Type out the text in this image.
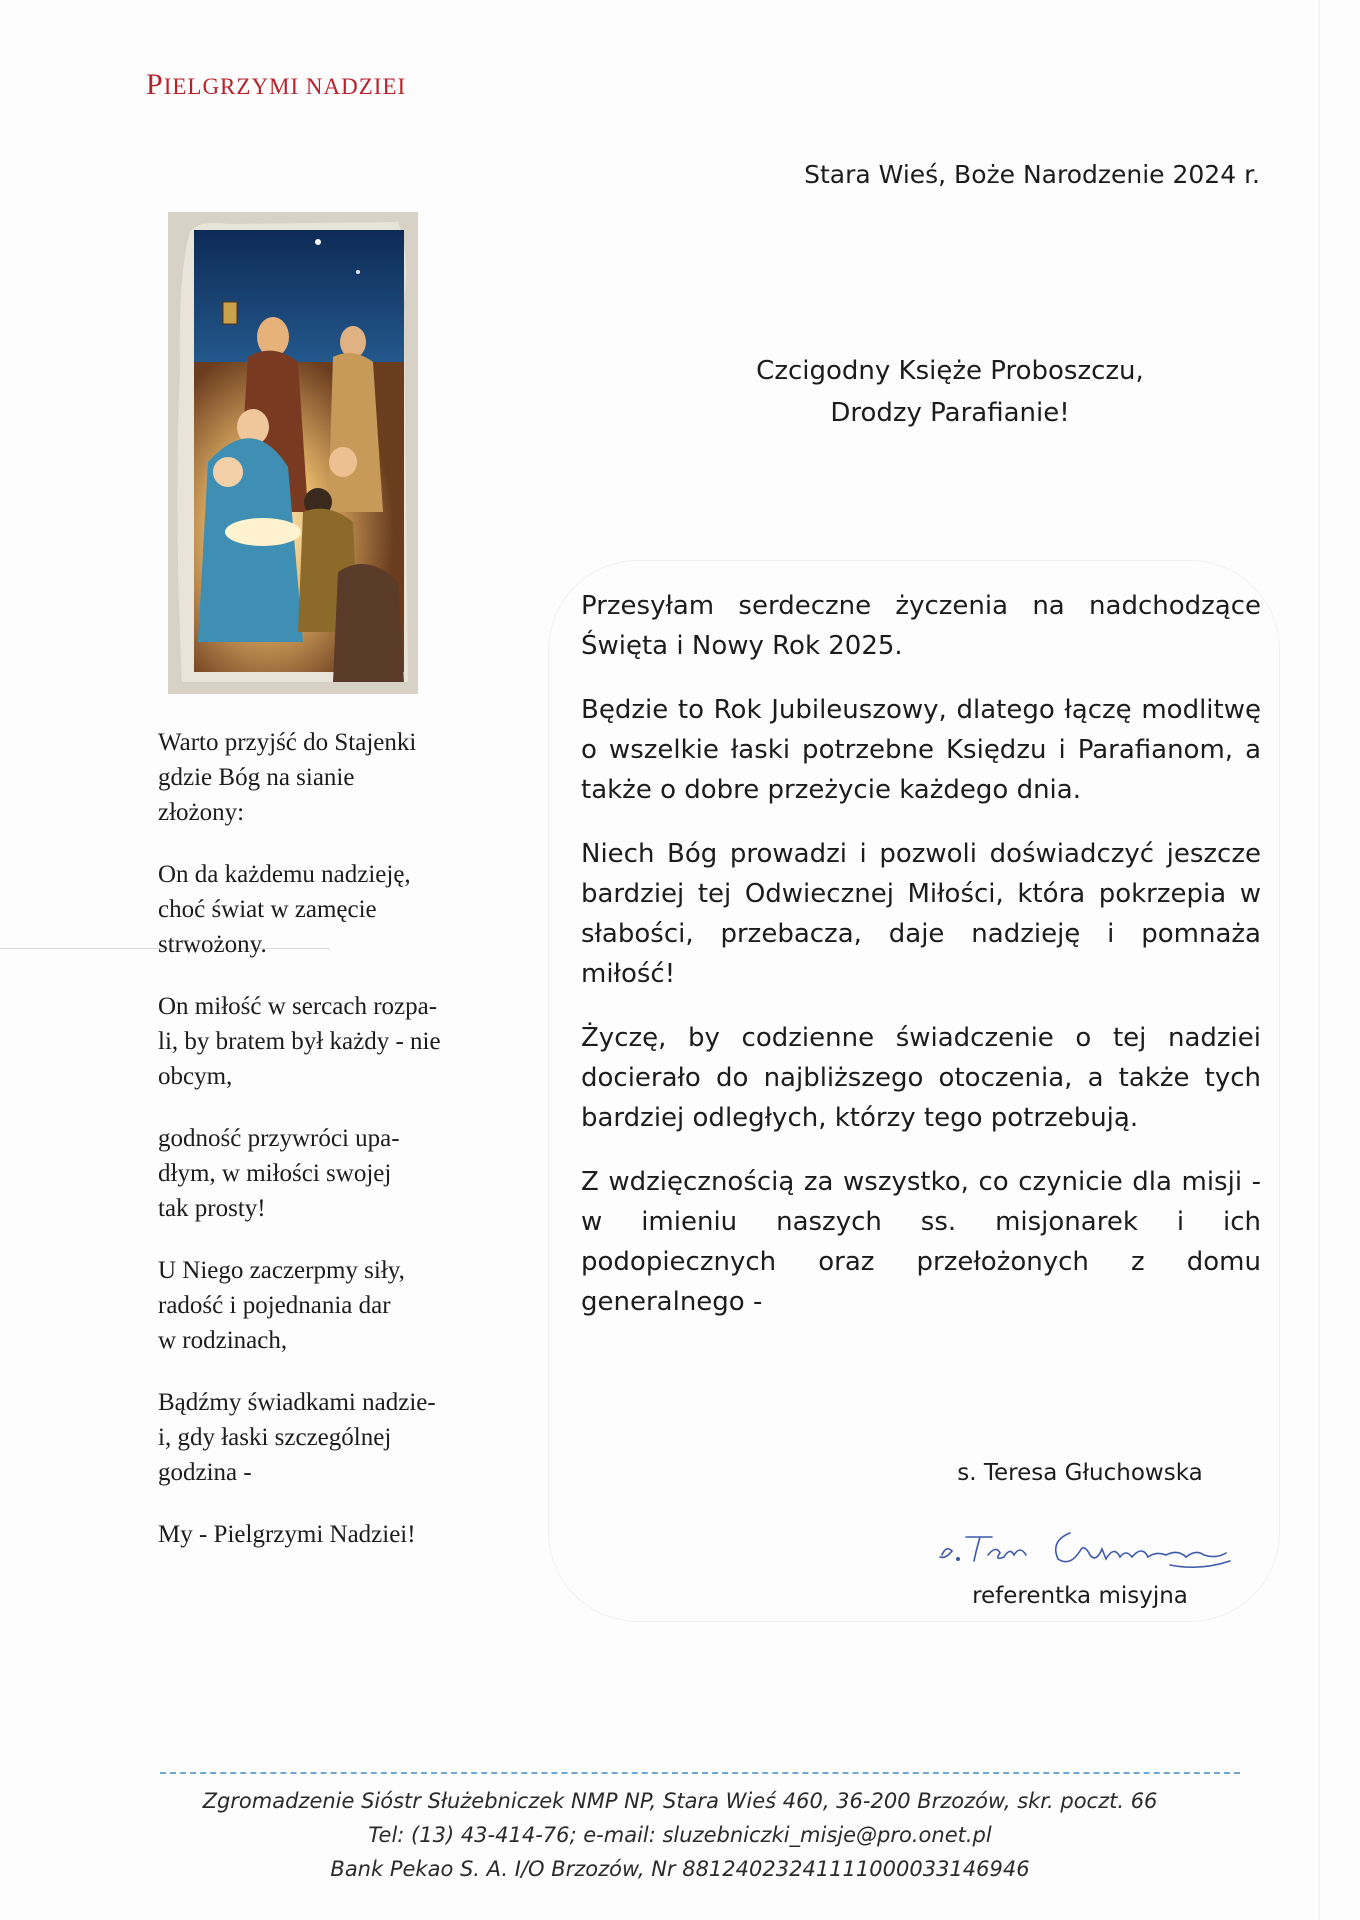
PIELGRZYMI NADZIEI
Stara Wieś, Boże Narodzenie 2024 r.
Czcigodny Księże Proboszczu,
Drodzy Parafianie!

Przesyłam serdeczne życzenia na nadchodzące Święta i Nowy Rok 2025.

Będzie to Rok Jubileuszowy, dlatego łączę modlitwę o wszelkie łaski potrzebne Księdzu i Parafianom, a także o dobre przeżycie każdego dnia.

Niech Bóg prowadzi i pozwoli doświadczyć jeszcze bardziej tej Odwiecznej Miłości, która pokrzepia w słabości, przebacza, daje nadzieję i pomnaża miłość!

Życzę, by codzienne świadczenie o tej nadziei docierało do najbliższego otoczenia, a także tych bardziej odległych, którzy tego potrzebują.

Z wdzięcznością za wszystko, co czynicie dla misji - w imieniu naszych ss. misjonarek i ich podopiecznych oraz przełożonych z domu generalnego -

Warto przyjść do Stajenki
gdzie Bóg na sianie
złożony:
On da każdemu nadzieję,
choć świat w zamęcie
strwożony.
On miłość w sercach rozpa-
li, by bratem był każdy - nie
obcym,
godność przywróci upa-
dłym, w miłości swojej
tak prosty!
U Niego zaczerpmy siły,
radość i pojednania dar
w rodzinach,
Bądźmy świadkami nadzie-
i, gdy łaski szczególnej
godzina -
My - Pielgrzymi Nadziei!
s. Teresa Głuchowska
referentka misyjna
Zgromadzenie Sióstr Służebniczek NMP NP, Stara Wieś 460, 36-200 Brzozów, skr. poczt. 66
Tel: (13) 43-414-76; e-mail: sluzebniczki_misje@pro.onet.pl
Bank Pekao S. A. I/O Brzozów, Nr 88124023241111000033146946
